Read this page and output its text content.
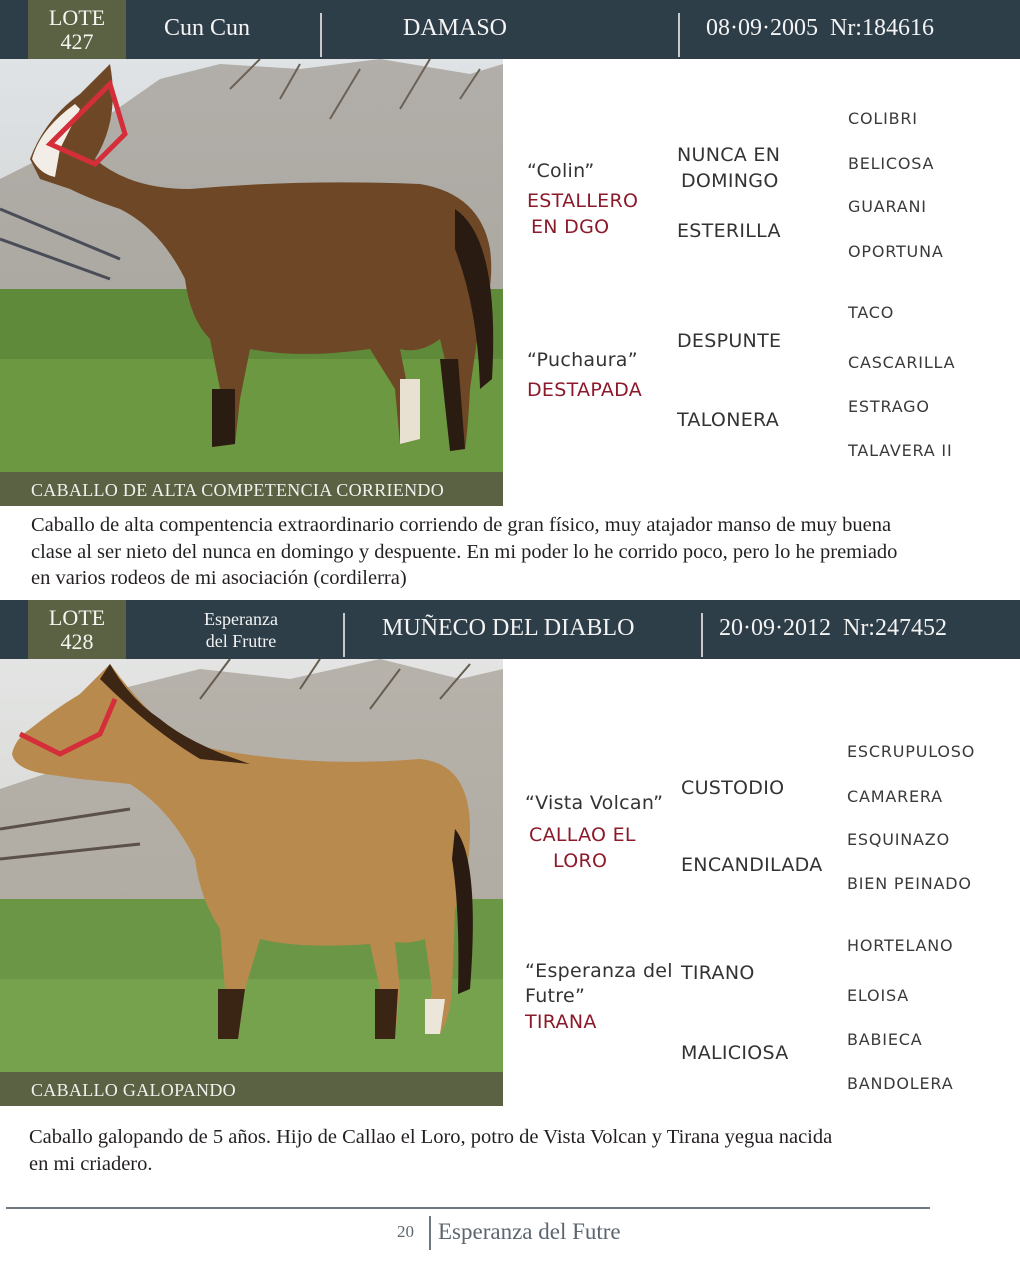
LOTE
427
Cun Cun	DAMASO	08·09·2005  Nr:184616
CABALLO DE ALTA COMPETENCIA CORRIENDO
“Colin”
ESTALLERO
EN DGO
“Puchaura”
DESTAPADA
NUNCA EN
DOMINGO
ESTERILLA
DESPUNTE
TALONERA
COLIBRI
BELICOSA
GUARANI
OPORTUNA
TACO
CASCARILLA
ESTRAGO
TALAVERA II
Caballo de alta compentencia extraordinario corriendo de gran físico, muy atajador manso de muy buena
clase al ser nieto del nunca en domingo y despuente. En mi poder lo he corrido poco, pero lo he premiado
en varios rodeos de mi asociación (cordilerra)
LOTE
428
Esperanza
del Frutre	MUÑECO DEL DIABLO	20·09·2012  Nr:247452
CABALLO GALOPANDO
“Vista Volcan”
CALLAO EL
LORO
“Esperanza del
Futre”
TIRANA
CUSTODIO
ENCANDILADA
TIRANO
MALICIOSA
ESCRUPULOSO
CAMARERA
ESQUINAZO
BIEN PEINADO
HORTELANO
ELOISA
BABIECA
BANDOLERA
Caballo galopando de 5 años. Hijo de Callao el Loro, potro de Vista Volcan y Tirana yegua nacida
en mi criadero.
20 Esperanza del Futre
